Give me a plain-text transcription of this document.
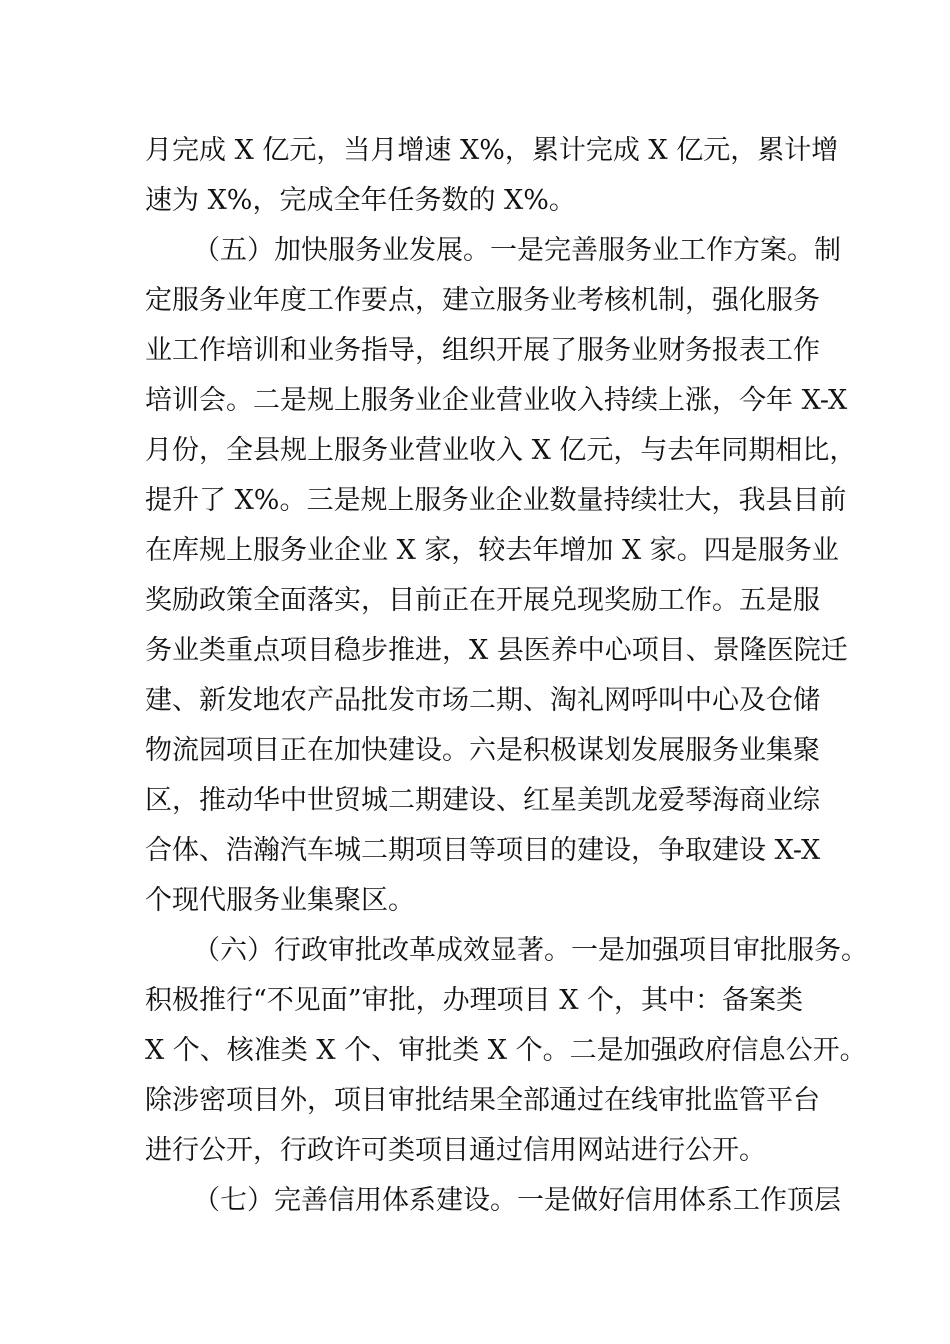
月完成 X 亿元，当月增速 X%，累计完成 X 亿元，累计增
速为 X%，完成全年任务数的 X%。
（五）加快服务业发展。一是完善服务业工作方案。制
定服务业年度工作要点，建立服务业考核机制，强化服务
业工作培训和业务指导，组织开展了服务业财务报表工作
培训会。二是规上服务业企业营业收入持续上涨，今年 X-X
月份，全县规上服务业营业收入 X 亿元，与去年同期相比，
提升了 X%。三是规上服务业企业数量持续壮大，我县目前
在库规上服务业企业 X 家，较去年增加 X 家。四是服务业
奖励政策全面落实，目前正在开展兑现奖励工作。五是服
务业类重点项目稳步推进，X 县医养中心项目、景隆医院迁
建、新发地农产品批发市场二期、淘礼网呼叫中心及仓储
物流园项目正在加快建设。六是积极谋划发展服务业集聚
区，推动华中世贸城二期建设、红星美凯龙爱琴海商业综
合体、浩瀚汽车城二期项目等项目的建设，争取建设 X-X
个现代服务业集聚区。
（六）行政审批改革成效显著。一是加强项目审批服务。
积极推行“不见面”审批，办理项目 X 个，其中：备案类
X 个、核准类 X 个、审批类 X 个。二是加强政府信息公开。
除涉密项目外，项目审批结果全部通过在线审批监管平台
进行公开，行政许可类项目通过信用网站进行公开。
（七）完善信用体系建设。一是做好信用体系工作顶层
